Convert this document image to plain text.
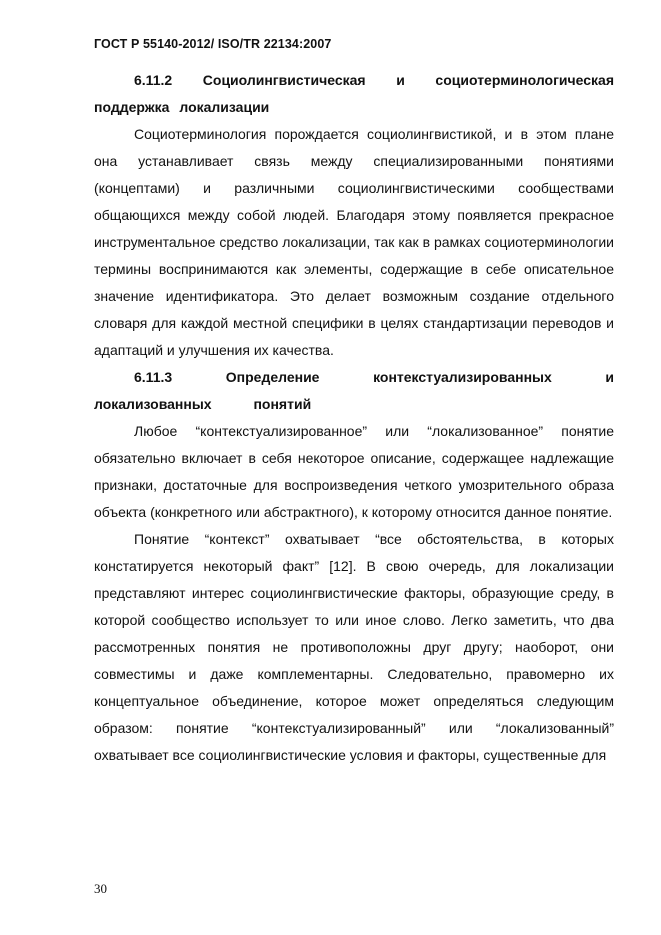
ГОСТ Р 55140-2012/ ISO/TR 22134:2007

6.11.2 Социолингвистическая и социотерминологическая поддержка локализации

Социотерминология порождается социолингвистикой, и в этом плане она устанавливает связь между специализированными понятиями (концептами) и различными социолингвистическими сообществами общающихся между собой людей. Благодаря этому появляется прекрасное инструментальное средство локализации, так как в рамках социотерминологии термины воспринимаются как элементы, содержащие в себе описательное значение идентификатора. Это делает возможным создание отдельного словаря для каждой местной специфики в целях стандартизации переводов и адаптаций и улучшения их качества.

6.11.3 Определение контекстуализированных и локализованных понятий

Любое “контекстуализированное” или “локализованное” понятие обязательно включает в себя некоторое описание, содержащее надлежащие признаки, достаточные для воспроизведения четкого умозрительного образа объекта (конкретного или абстрактного), к которому относится данное понятие.

Понятие “контекст” охватывает “все обстоятельства, в которых констатируется некоторый факт” [12]. В свою очередь, для локализации представляют интерес социолингвистические факторы, образующие среду, в которой сообщество использует то или иное слово. Легко заметить, что два рассмотренных понятия не противоположны друг другу; наоборот, они совместимы и даже комплементарны. Следовательно, правомерно их концептуальное объединение, которое может определяться следующим образом: понятие “контекстуализированный” или “локализованный” охватывает все социолингвистические условия и факторы, существенные для

30
